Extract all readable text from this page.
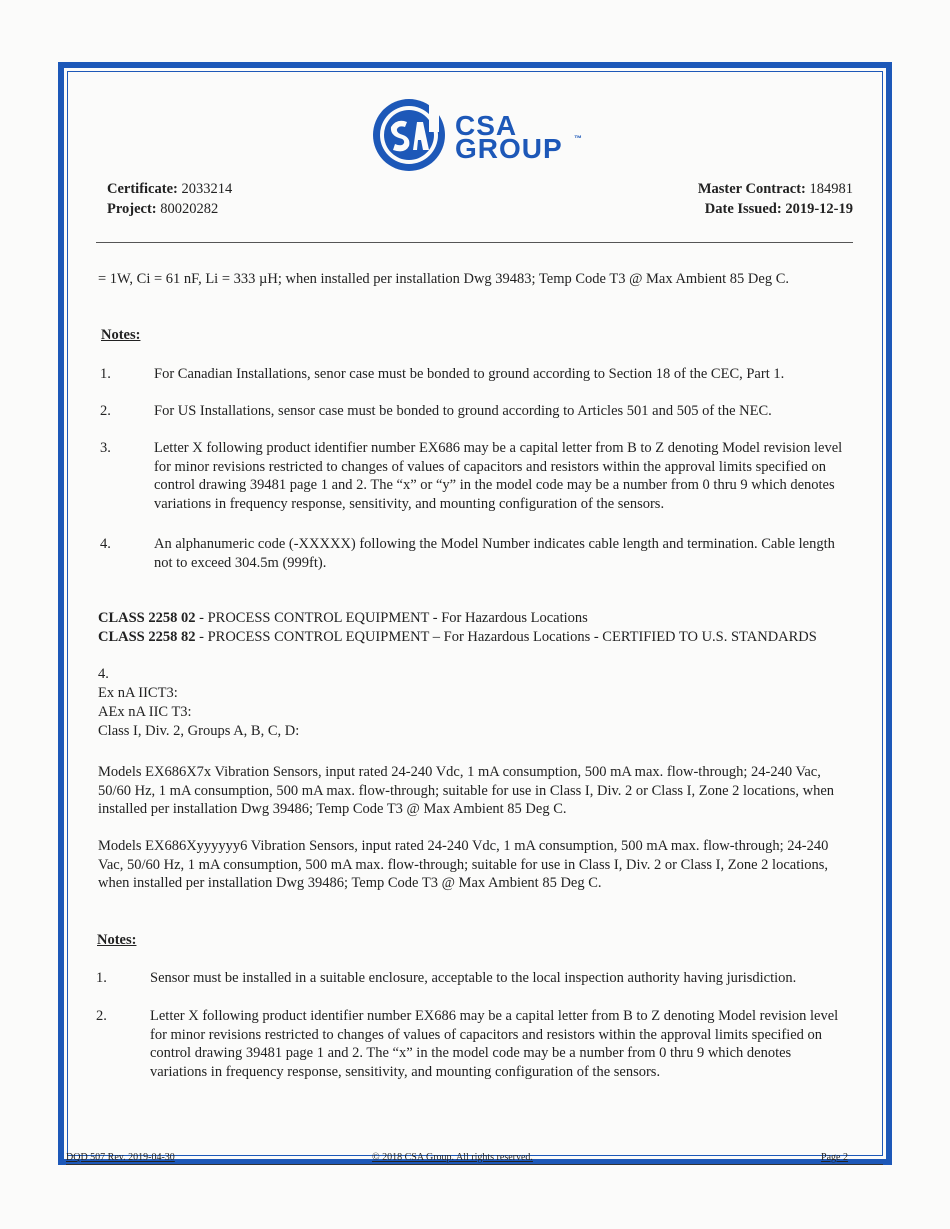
CSA
GROUP ™
Certificate: 2033214
Project: 80020282
Master Contract: 184981
Date Issued: 2019-12-19
= 1W, Ci = 61 nF, Li = 333 µH; when installed per installation Dwg 39483; Temp Code T3 @ Max Ambient 85 Deg C.
Notes:
1.	For Canadian Installations, senor case must be bonded to ground according to Section 18 of the CEC, Part 1.
2.	For US Installations, sensor case must be bonded to ground according to Articles 501 and 505 of the NEC.
3.	Letter X following product identifier number EX686 may be a capital letter from B to Z denoting Model revision level for minor revisions restricted to changes of values of capacitors and resistors within the approval limits specified on control drawing 39481 page 1 and 2. The “x” or “y” in the model code may be a number from 0 thru 9 which denotes variations in frequency response, sensitivity, and mounting configuration of the sensors.
4.	An alphanumeric code (-XXXXX) following the Model Number indicates cable length and termination. Cable length not to exceed 304.5m (999ft).
CLASS 2258 02 - PROCESS CONTROL EQUIPMENT - For Hazardous Locations
CLASS 2258 82 - PROCESS CONTROL EQUIPMENT – For Hazardous Locations - CERTIFIED TO U.S. STANDARDS
4.
Ex nA IICT3:
AEx nA IIC T3:
Class I, Div. 2, Groups A, B, C, D:
Models EX686X7x Vibration Sensors, input rated 24-240 Vdc, 1 mA consumption, 500 mA max. flow-through; 24-240 Vac, 50/60 Hz, 1 mA consumption, 500 mA max. flow-through; suitable for use in Class I, Div. 2 or Class I, Zone 2 locations, when installed per installation Dwg 39486; Temp Code T3 @ Max Ambient 85 Deg C.
Models EX686Xyyyyyy6 Vibration Sensors, input rated 24-240 Vdc, 1 mA consumption, 500 mA max. flow-through; 24-240 Vac, 50/60 Hz, 1 mA consumption, 500 mA max. flow-through; suitable for use in Class I, Div. 2 or Class I, Zone 2 locations, when installed per installation Dwg 39486; Temp Code T3 @ Max Ambient 85 Deg C.
Notes:
1.	Sensor must be installed in a suitable enclosure, acceptable to the local inspection authority having jurisdiction.
2.	Letter X following product identifier number EX686 may be a capital letter from B to Z denoting Model revision level for minor revisions restricted to changes of values of capacitors and resistors within the approval limits specified on control drawing 39481 page 1 and 2. The “x” in the model code may be a number from 0 thru 9 which denotes variations in frequency response, sensitivity, and mounting configuration of the sensors.
DQD 507 Rev. 2019-04-30	© 2018 CSA Group. All rights reserved.	Page 2
